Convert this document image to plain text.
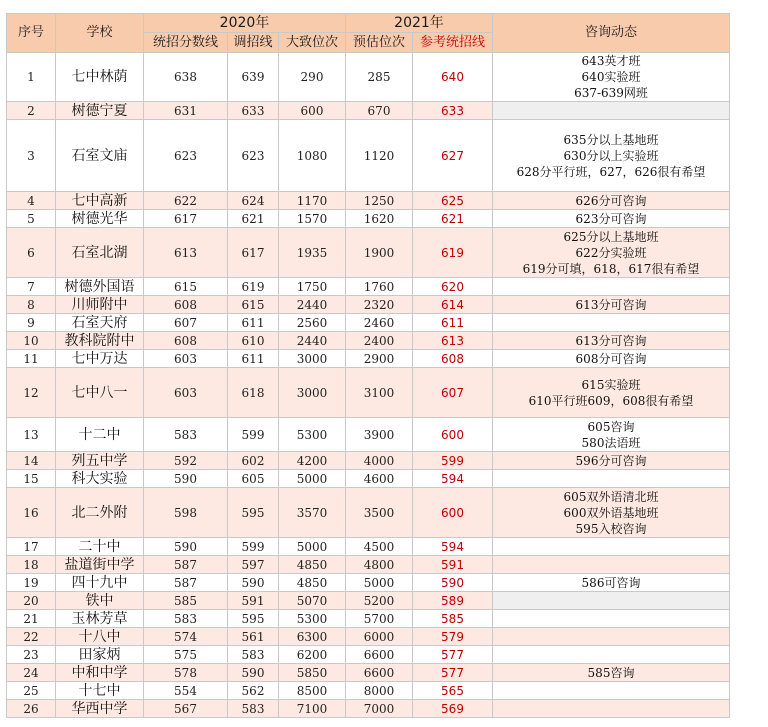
序号	学校	2020年			2021年		咨询动态
		统招分数线	调招线	大致位次	预估位次	参考统招线	
1	七中林荫	638	639	290	285	640	643英才班
640实验班
637-639网班

2	树德宁夏	631	633	600	670	633	
3	石室文庙	623	623	1080	1120	627	635分以上基地班
630分以上实验班
628分平行班，627，626很有希望

4	七中高新	622	624	1170	1250	625	626分可咨询

5	树德光华	617	621	1570	1620	621	623分可咨询

6	石室北湖	613	617	1935	1900	619	625分以上基地班
622分实验班
619分可填，618，617很有希望

7	树德外国语	615	619	1750	1760	620	
8	川师附中	608	615	2440	2320	614	613分可咨询

9	石室天府	607	611	2560	2460	611	
10	教科院附中	608	610	2440	2400	613	613分可咨询

11	七中万达	603	611	3000	2900	608	608分可咨询

12	七中八一	603	618	3000	3100	607	615实验班
610平行班609，608很有希望

13	十二中	583	599	5300	3900	600	605咨询
580法语班

14	列五中学	592	602	4200	4000	599	596分可咨询

15	科大实验	590	605	5000	4600	594	
16	北二外附	598	595	3570	3500	600	605双外语清北班
600双外语基地班
595入校咨询

17	二十中	590	599	5000	4500	594	
18	盐道街中学	587	597	4850	4800	591	
19	四十九中	587	590	4850	5000	590	586可咨询

20	铁中	585	591	5070	5200	589	
21	玉林芳草	583	595	5300	5700	585	
22	十八中	574	561	6300	6000	579	
23	田家炳	575	583	6200	6600	577	
24	中和中学	578	590	5850	6600	577	585咨询

25	十七中	554	562	8500	8000	565	
26	华西中学	567	583	7100	7000	569	
